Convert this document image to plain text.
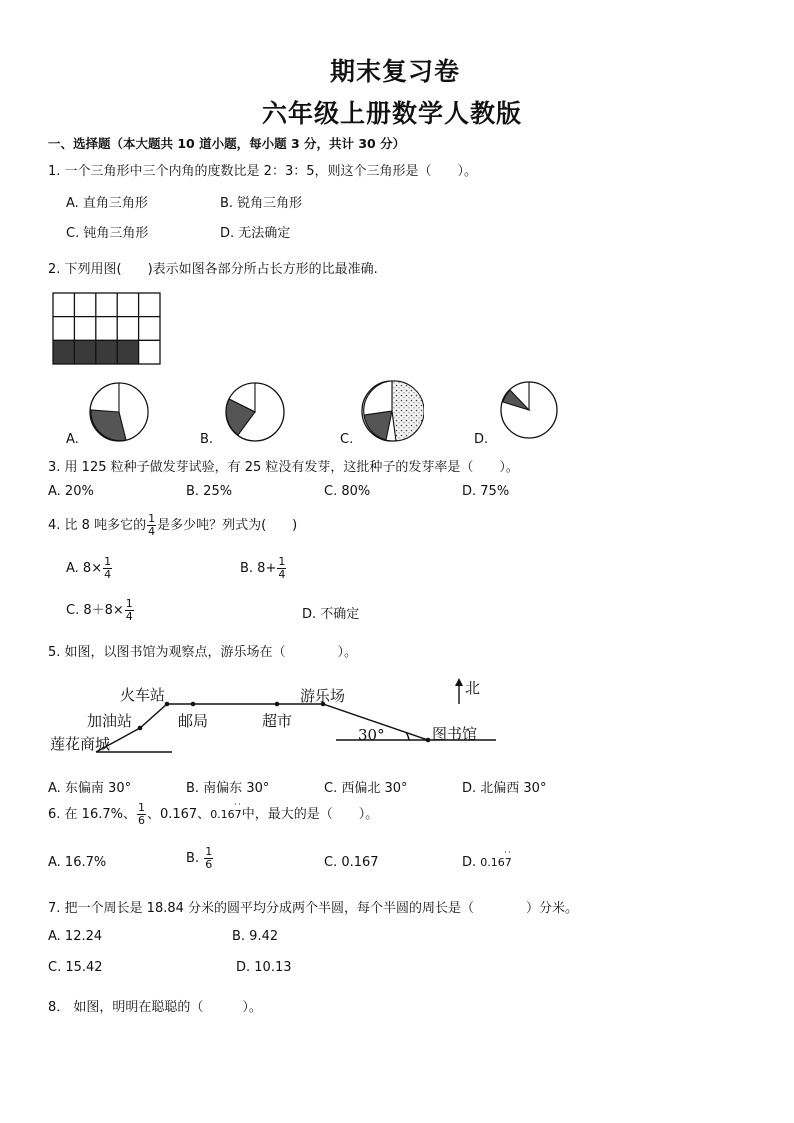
期末复习卷
六年级上册数学人教版
一、选择题（本大题共 10 道小题，每小题 3 分，共计 30 分）
1. 一个三角形中三个内角的度数比是 2：3：5，则这个三角形是（　　）。
A. 直角三角形	B. 锐角三角形
C. 钝角三角形	D. 无法确定
2. 下列用图(　　)表示如图各部分所占长方形的比最准确.
A.	B.	C.	D.
3. 用 125 粒种子做发芽试验，有 25 粒没有发芽，这批种子的发芽率是（　　）。
A. 20%	B. 25%	C. 80%	D. 75%
4. 比 8 吨多它的 $\frac{1}{4}$ 是多少吨？列式为(　　)
A. $8\times \frac{1}{4}$	B. $8+ \frac{1}{4}$
C. $8+8\times \frac{1}{4}$	D. 不确定
5. 如图，以图书馆为观察点，游乐场在（　　　　）。
北
火车站	游乐场
加油站	邮局	超市
莲花商城	30°	图书馆
A. 东偏南 30°	B. 南偏东 30°	C. 西偏北 30°	D. 北偏西 30°
6. 在 16.7%、 $\frac{1}{6}$ 、0.167、0.167
··
中，最大的是（　　）。
A. 16.7%	B. $\frac{1}{6}$	C. 0.167	D. 0.167
··
7. 把一个周长是 18.84 分米的圆平均分成两个半圆，每个半圆的周长是（　　　　）分米。
A. 12.24	B. 9.42
C. 15.42	D. 10.13
8． 如图，明明在聪聪的（　　　）。
